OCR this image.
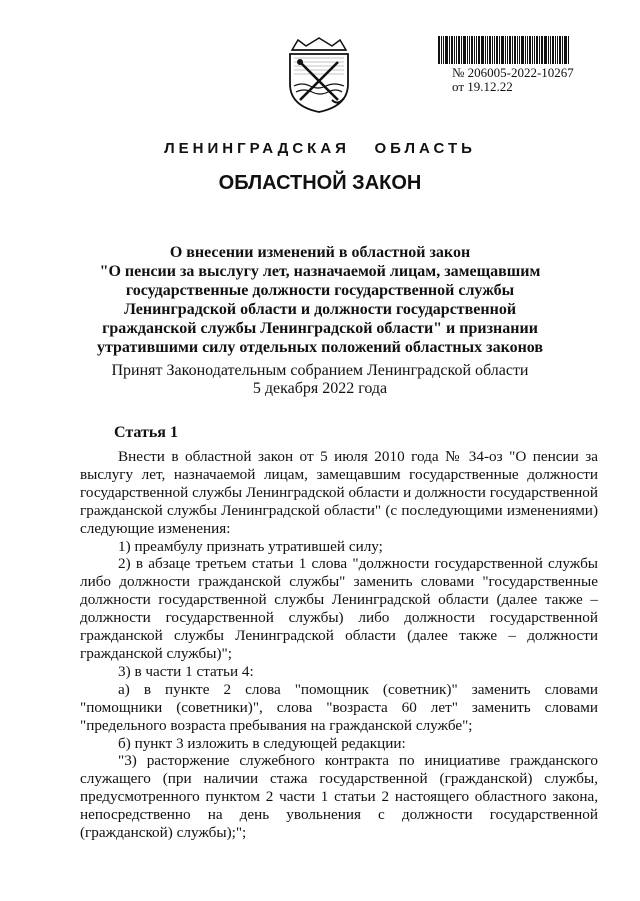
№ 206005-2022-10267
от 19.12.22
ЛЕНИНГРАДСКАЯ   ОБЛАСТЬ
ОБЛАСТНОЙ ЗАКОН
О внесении изменений в областной закон
"О пенсии за выслугу лет, назначаемой лицам, замещавшим
государственные должности государственной службы
Ленинградской области и должности государственной
гражданской службы Ленинградской области" и признании
утратившими силу отдельных положений областных законов
Принят Законодательным собранием Ленинградской области
5 декабря 2022 года
Статья 1

Внести в областной закон от 5 июля 2010 года № 34-оз "О пенсии за выслугу лет, назначаемой лицам, замещавшим государственные должности государственной службы Ленинградской области и должности государственной гражданской службы Ленинградской области" (с последующими изменениями) следующие изменения:

1) преамбулу признать утратившей силу;

2) в абзаце третьем статьи 1 слова "должности государственной службы либо должности гражданской службы" заменить словами "государственные должности государственной службы Ленинградской области (далее также – должности государственной службы) либо должности государственной гражданской службы Ленинградской области (далее также – должности гражданской службы)";

3) в части 1 статьи 4:

а) в пункте 2 слова "помощник (советник)" заменить словами "помощники (советники)", слова "возраста 60 лет" заменить словами "предельного возраста пребывания на гражданской службе";

б) пункт 3 изложить в следующей редакции:

"3) расторжение служебного контракта по инициативе гражданского служащего (при наличии стажа государственной (гражданской) службы, предусмотренного пунктом 2 части 1 статьи 2 настоящего областного закона, непосредственно на день увольнения с должности государственной (гражданской) службы);";
